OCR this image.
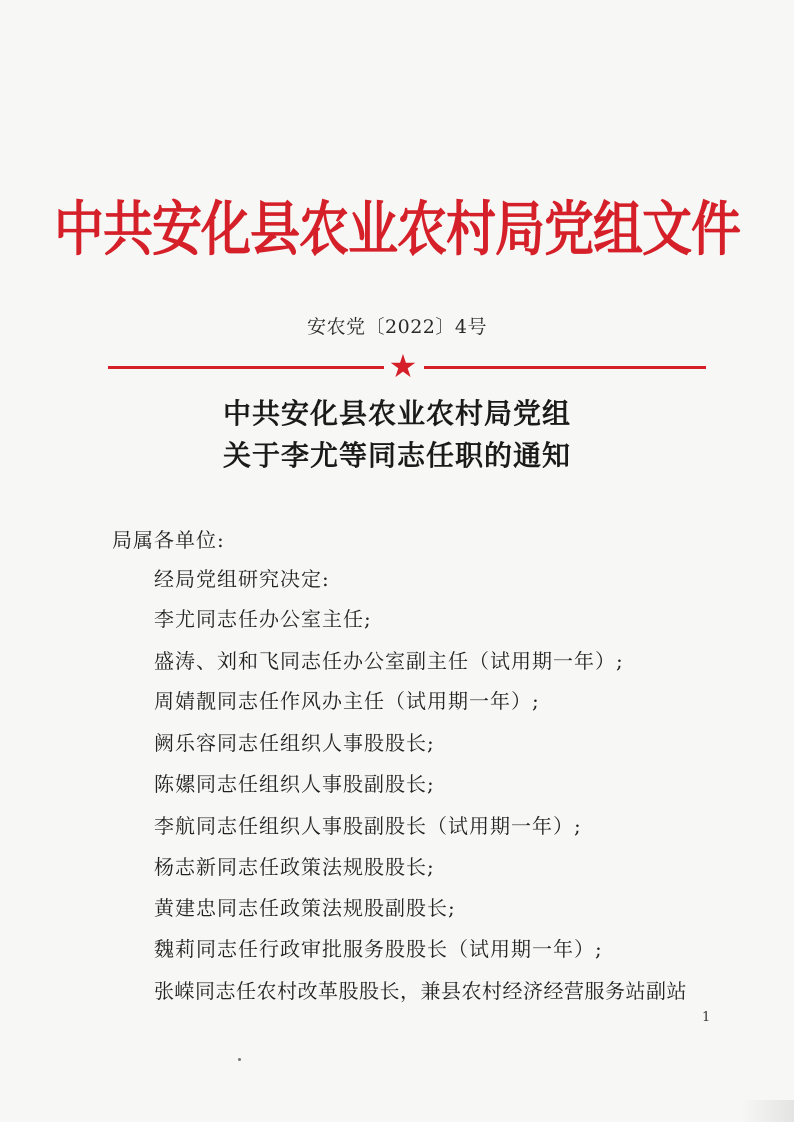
中共安化县农业农村局党组文件
安农党〔2022〕4号
★
中共安化县农业农村局党组
关于李尤等同志任职的通知
局属各单位:
经局党组研究决定:
李尤同志任办公室主任;
盛涛、刘和飞同志任办公室副主任（试用期一年）;
周婧靓同志任作风办主任（试用期一年）;
阙乐容同志任组织人事股股长;
陈嫘同志任组织人事股副股长;
李航同志任组织人事股副股长（试用期一年）;
杨志新同志任政策法规股股长;
黄建忠同志任政策法规股副股长;
魏莉同志任行政审批服务股股长（试用期一年）;
张嵘同志任农村改革股股长，兼县农村经济经营服务站副站
1
